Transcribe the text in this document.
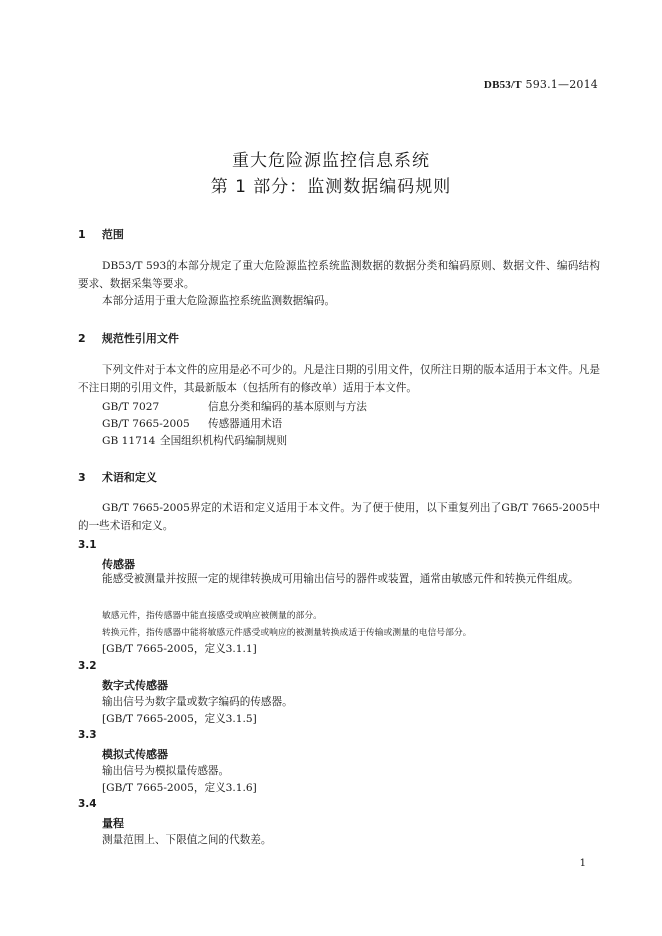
DB53/T 593.1—2014
重大危险源监控信息系统
第 1 部分：监测数据编码规则
1 范围
DB53/T 593的本部分规定了重大危险源监控系统监测数据的数据分类和编码原则、数据文件、编码结构要求、数据采集等要求。
本部分适用于重大危险源监控系统监测数据编码。
2 规范性引用文件
下列文件对于本文件的应用是必不可少的。凡是注日期的引用文件，仅所注日期的版本适用于本文件。凡是不注日期的引用文件，其最新版本（包括所有的修改单）适用于本文件。
GB/T 7027	信息分类和编码的基本原则与方法
GB/T 7665-2005 传感器通用术语
GB 11714 全国组织机构代码编制规则
3 术语和定义
GB/T 7665-2005界定的术语和定义适用于本文件。为了便于使用，以下重复列出了GB/T 7665-2005中的一些术语和定义。
3.1
传感器
能感受被测量并按照一定的规律转换成可用输出信号的器件或装置，通常由敏感元件和转换元件组成。
敏感元件，指传感器中能直接感受或响应被侧量的部分。
转换元件，指传感器中能将敏感元件感受或响应的被测量转换成适于传输或测量的电信号部分。
[GB/T 7665-2005，定义3.1.1]
3.2
数字式传感器
输出信号为数字量或数字编码的传感器。
[GB/T 7665-2005，定义3.1.5]
3.3
模拟式传感器
输出信号为模拟量传感器。
[GB/T 7665-2005，定义3.1.6]
3.4
量程
测量范围上、下限值之间的代数差。
1
